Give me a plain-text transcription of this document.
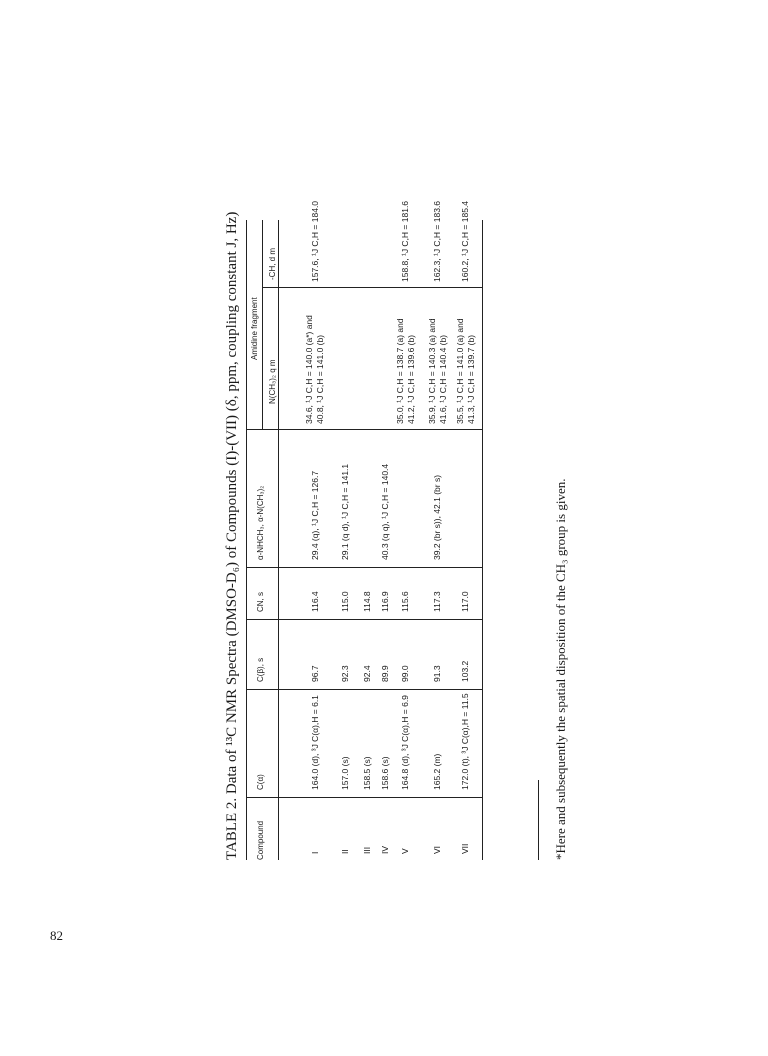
82
TABLE 2. Data of ¹³C NMR Spectra (DMSO-D₆) of Compounds (I)-(VII) (δ, ppm, coupling constant J, Hz) Compound
C(α)
C(β), s
CN, s
α-NHCH₃, α-N(CH₃)₂
Amidine fragment
N(CH₃)₂ q m
-CH, d m
I
164.0 (d), ³J C(α),H = 6.1
96.7
116.4
29.4 (q), ¹J C,H = 126.7
34.6, ¹J C,H = 140.0 (a*) and 40.8, ¹J C,H = 141.0 (b)
157.6, ¹J C,H = 184.0
II
157.0 (s)
92.3
115.0
29.1 (q d), ¹J C,H = 141.1
III
158.5 (s)
92.4
114.8
IV
158.6 (s)
89.9
116.9
40.3 (q q), ¹J C,H = 140.4
V
164.8 (d), ³J C(α),H = 6.9
99.0
115.6
35.0, ¹J C,H = 138.7 (a) and 41.2, ¹J C,H = 139.6 (b)
158.8, ¹J C,H = 181.6
VI
165.2 (m)
91.3
117.3
39.2 (br s)), 42.1 (br s)
35.9, ¹J C,H = 140.3 (a) and 41.6, ¹J C,H = 140.4 (b)
162.3, ¹J C,H = 183.6
VII
172.0 (t), ³J C(α),H = 11.5
103.2
117.0
35.5, ¹J C,H = 141.0 (a) and 41.3, ¹J C,H = 139.7 (b)
160.2, ¹J C,H = 185.4
*Here and subsequently the spatial disposition of the CH₃ group is given.
